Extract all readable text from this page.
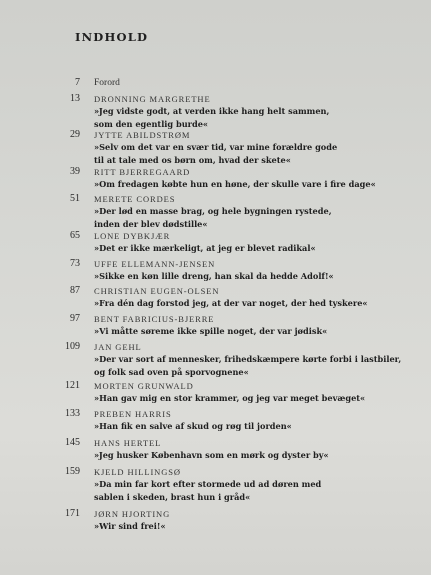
INDHOLD
7 Forord
13 DRONNING MARGRETHE
»Jeg vidste godt, at verden ikke hang helt sammen,
som den egentlig burde«
29 JYTTE ABILDSTRØM
»Selv om det var en svær tid, var mine forældre gode
til at tale med os børn om, hvad der skete«
39 RITT BJERREGAARD
»Om fredagen købte hun en høne, der skulle vare i fire dage«
51 MERETE CORDES
»Der lød en masse brag, og hele bygningen rystede,
inden der blev dødstille«
65 LONE DYBKJÆR
»Det er ikke mærkeligt, at jeg er blevet radikal«
73 UFFE ELLEMANN-JENSEN
»Sikke en køn lille dreng, han skal da hedde Adolf!«
87 CHRISTIAN EUGEN-OLSEN
»Fra dén dag forstod jeg, at der var noget, der hed tyskere«
97 BENT FABRICIUS-BJERRE
»Vi måtte søreme ikke spille noget, der var jødisk«
109 JAN GEHL
»Der var sort af mennesker, frihedskæmpere kørte forbi i lastbiler,
og folk sad oven på sporvognene«
121 MORTEN GRUNWALD
»Han gav mig en stor krammer, og jeg var meget bevæget«
133 PREBEN HARRIS
»Han fik en salve af skud og røg til jorden«
145 HANS HERTEL
»Jeg husker København som en mørk og dyster by«
159 KJELD HILLINGSØ
»Da min far kort efter stormede ud ad døren med
sablen i skeden, brast hun i gråd«
171 JØRN HJORTING
»Wir sind frei!«
